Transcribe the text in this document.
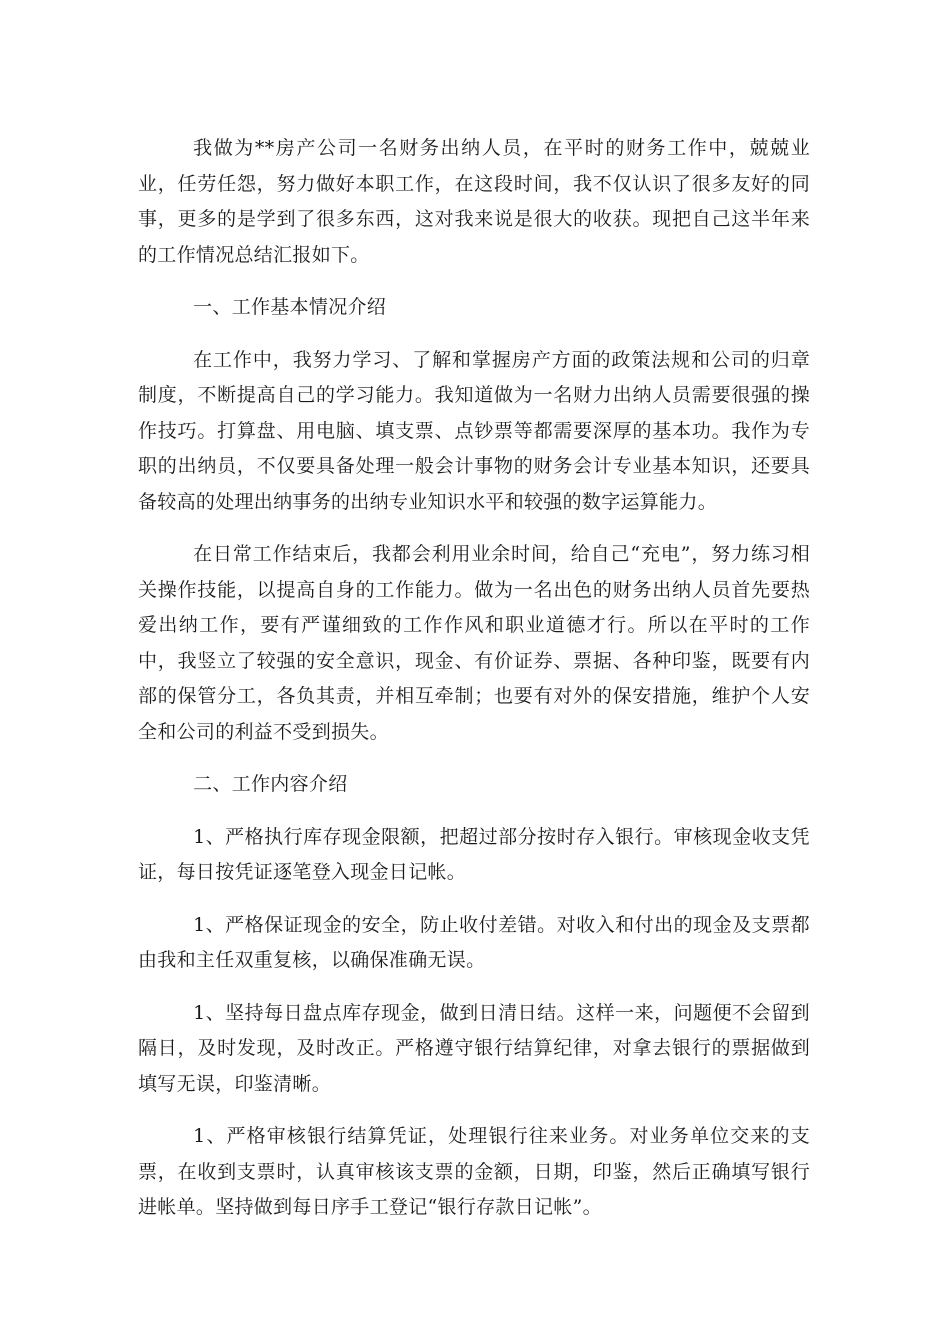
我做为**房产公司一名财务出纳人员，在平时的财务工作中，兢兢业业，任劳任怨，努力做好本职工作，在这段时间，我不仅认识了很多友好的同事，更多的是学到了很多东西，这对我来说是很大的收获。现把自己这半年来的工作情况总结汇报如下。

一、工作基本情况介绍

在工作中，我努力学习、了解和掌握房产方面的政策法规和公司的归章制度，不断提高自己的学习能力。我知道做为一名财力出纳人员需要很强的操作技巧。打算盘、用电脑、填支票、点钞票等都需要深厚的基本功。我作为专职的出纳员，不仅要具备处理一般会计事物的财务会计专业基本知识，还要具备较高的处理出纳事务的出纳专业知识水平和较强的数字运算能力。

在日常工作结束后，我都会利用业余时间，给自己“充电”，努力练习相关操作技能，以提高自身的工作能力。做为一名出色的财务出纳人员首先要热爱出纳工作，要有严谨细致的工作作风和职业道德才行。所以在平时的工作中，我竖立了较强的安全意识，现金、有价证券、票据、各种印鉴，既要有内部的保管分工，各负其责，并相互牵制；也要有对外的保安措施，维护个人安全和公司的利益不受到损失。

二、工作内容介绍

1、严格执行库存现金限额，把超过部分按时存入银行。审核现金收支凭证，每日按凭证逐笔登入现金日记帐。

1、严格保证现金的安全，防止收付差错。对收入和付出的现金及支票都由我和主任双重复核，以确保准确无误。

1、坚持每日盘点库存现金，做到日清日结。这样一来，问题便不会留到隔日，及时发现，及时改正。严格遵守银行结算纪律，对拿去银行的票据做到填写无误，印鉴清晰。

1、严格审核银行结算凭证，处理银行往来业务。对业务单位交来的支票，在收到支票时，认真审核该支票的金额，日期，印鉴，然后正确填写银行进帐单。坚持做到每日序手工登记“银行存款日记帐”。
